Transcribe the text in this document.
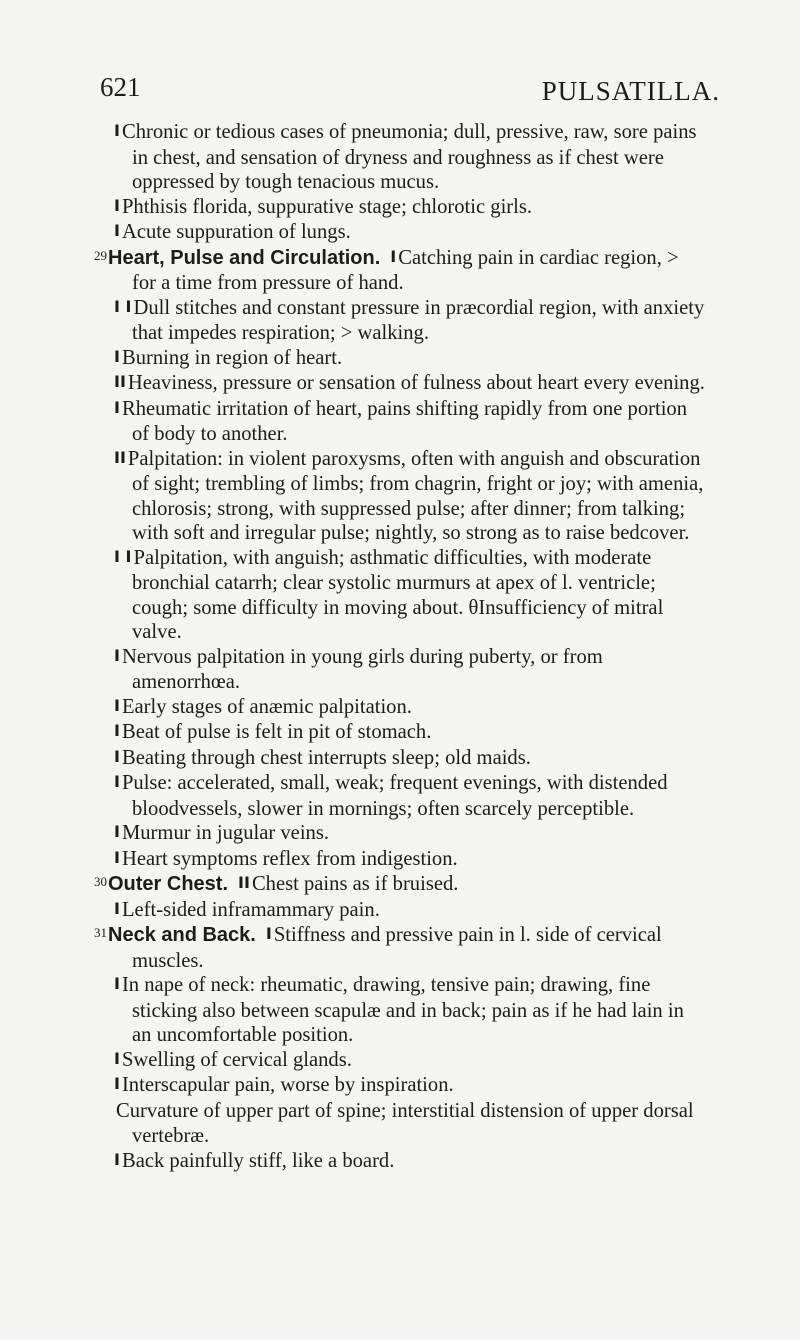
621	PULSATILLA.

IChronic or tedious cases of pneumonia; dull, pressive, raw, sore pains in chest, and sensation of dryness and roughness as if chest were oppressed by tough tenacious mucus.

IPhthisis florida, suppurative stage; chlorotic girls.

IAcute suppuration of lungs.

$^{29}$Heart, Pulse and Circulation. ICatching pain in cardiac region, > for a time from pressure of hand.

I IDull stitches and constant pressure in præcordial region, with anxiety that impedes respiration; > walking.

IBurning in region of heart.

IIHeaviness, pressure or sensation of fulness about heart every evening.

IRheumatic irritation of heart, pains shifting rapidly from one portion of body to another.

IIPalpitation: in violent paroxysms, often with anguish and obscuration of sight; trembling of limbs; from chagrin, fright or joy; with amenia, chlorosis; strong, with suppressed pulse; after dinner; from talking; with soft and irregular pulse; nightly, so strong as to raise bedcover.

I IPalpitation, with anguish; asthmatic difficulties, with moderate bronchial catarrh; clear systolic murmurs at apex of l. ventricle; cough; some difficulty in moving about. θInsufficiency of mitral valve.

INervous palpitation in young girls during puberty, or from amenorrhœa.

IEarly stages of anæmic palpitation.

IBeat of pulse is felt in pit of stomach.

IBeating through chest interrupts sleep; old maids.

IPulse: accelerated, small, weak; frequent evenings, with distended bloodvessels, slower in mornings; often scarcely perceptible.

IMurmur in jugular veins.

IHeart symptoms reflex from indigestion.

$^{30}$Outer Chest. IIChest pains as if bruised.

ILeft-sided inframammary pain.

$^{31}$Neck and Back. IStiffness and pressive pain in l. side of cervical muscles.

IIn nape of neck: rheumatic, drawing, tensive pain; drawing, fine sticking also between scapulæ and in back; pain as if he had lain in an uncomfortable position.

ISwelling of cervical glands.

IInterscapular pain, worse by inspiration.

Curvature of upper part of spine; interstitial distension of upper dorsal vertebræ.

IBack painfully stiff, like a board.
